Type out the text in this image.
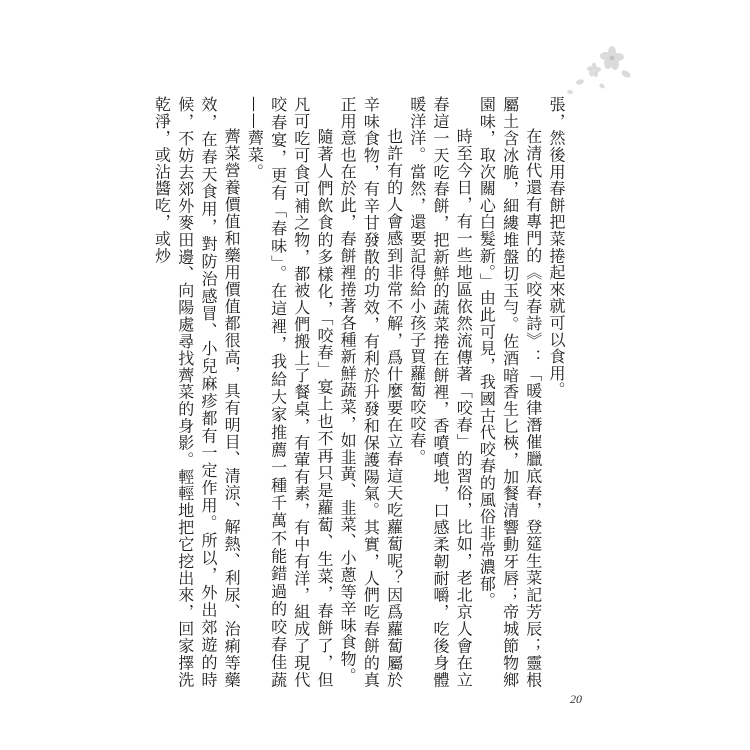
張，然後用春餅把菜捲起來就可以食用。

在清代還有專門的《咬春詩》：「暖律潛催臘底春，登筵生菜記芳辰；靈根屬土含冰脆，細縷堆盤切玉勻。佐酒暗香生匕梜，加餐清響動牙唇；帝城節物鄉園味，取次關心白髮新。」由此可見，我國古代咬春的風俗非常濃郁。

時至今日，有一些地區依然流傳著「咬春」的習俗，比如，老北京人會在立春這一天吃春餅，把新鮮的蔬菜捲在餅裡，香噴噴地，口感柔韌耐嚼，吃後身體暖洋洋。當然，還要記得給小孩子買蘿蔔咬咬春。

也許有的人會感到非常不解，爲什麼要在立春這天吃蘿蔔呢？因爲蘿蔔屬於辛味食物，有辛甘發散的功效，有利於升發和保護陽氣。其實，人們吃春餅的真正用意也在於此，春餅裡捲著各種新鮮蔬菜，如韭黃、韭菜、小蔥等辛味食物。

隨著人們飲食的多樣化，「咬春」宴上也不再只是蘿蔔、生菜，春餅了，但凡可吃可食可補之物，都被人們搬上了餐桌，有葷有素，有中有洋，組成了現代咬春宴，更有「春味」。在這裡，我給大家推薦一種千萬不能錯過的咬春佳蔬——薺菜。

薺菜營養價值和藥用價值都很高，具有明目、清涼、解熱、利尿、治痢等藥效，在春天食用，對防治感冒、小兒麻疹都有一定作用。所以，外出郊遊的時候，不妨去郊外麥田邊、向陽處尋找薺菜的身影。輕輕地把它挖出來，回家擇洗乾淨，或沾醬吃，或炒

20
